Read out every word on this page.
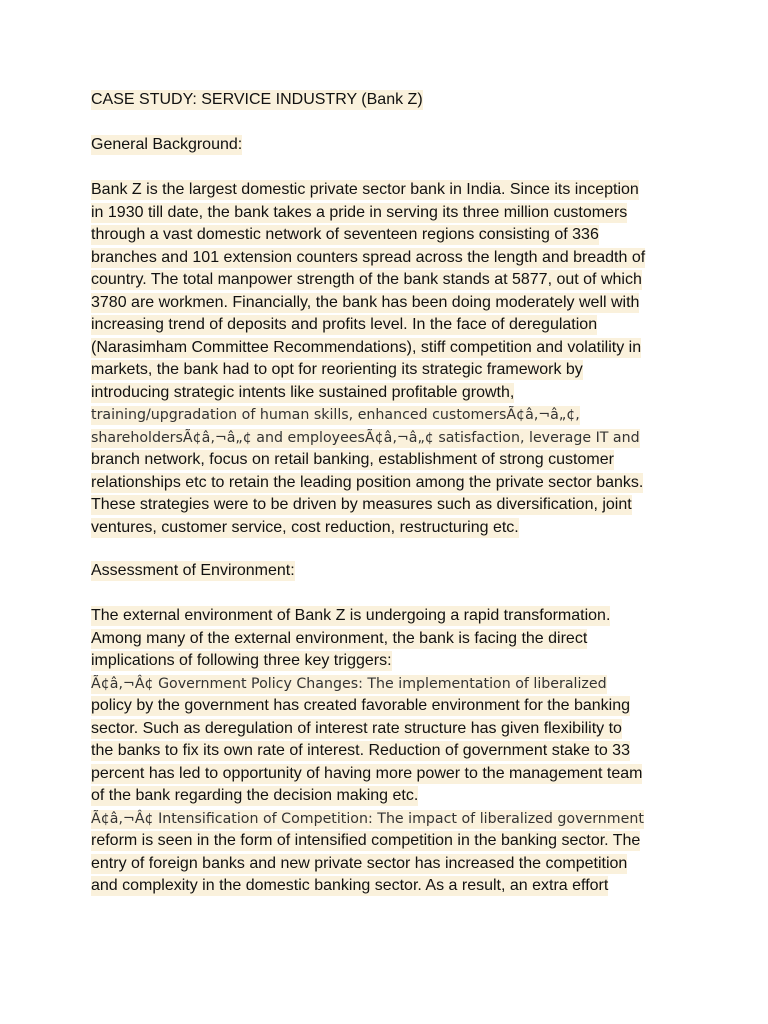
CASE STUDY: SERVICE INDUSTRY (Bank Z)
General Background:
Bank Z is the largest domestic private sector bank in India. Since its inception
in 1930 till date, the bank takes a pride in serving its three million customers
through a vast domestic network of seventeen regions consisting of 336
branches and 101 extension counters spread across the length and breadth of
country. The total manpower strength of the bank stands at 5877, out of which
3780 are workmen. Financially, the bank has been doing moderately well with
increasing trend of deposits and profits level. In the face of deregulation
(Narasimham Committee Recommendations), stiff competition and volatility in
markets, the bank had to opt for reorienting its strategic framework by
introducing strategic intents like sustained profitable growth,
training/upgradation of human skills, enhanced customersÃ¢â‚¬â„¢,
shareholdersÃ¢â‚¬â„¢ and employeesÃ¢â‚¬â„¢ satisfaction, leverage IT and
branch network, focus on retail banking, establishment of strong customer
relationships etc to retain the leading position among the private sector banks.
These strategies were to be driven by measures such as diversification, joint
ventures, customer service, cost reduction, restructuring etc.
Assessment of Environment:
The external environment of Bank Z is undergoing a rapid transformation.
Among many of the external environment, the bank is facing the direct
implications of following three key triggers:
Ã¢â‚¬Â¢ Government Policy Changes: The implementation of liberalized
policy by the government has created favorable environment for the banking
sector. Such as deregulation of interest rate structure has given flexibility to
the banks to fix its own rate of interest. Reduction of government stake to 33
percent has led to opportunity of having more power to the management team
of the bank regarding the decision making etc.
Ã¢â‚¬Â¢ Intensification of Competition: The impact of liberalized government
reform is seen in the form of intensified competition in the banking sector. The
entry of foreign banks and new private sector has increased the competition
and complexity in the domestic banking sector. As a result, an extra effort
